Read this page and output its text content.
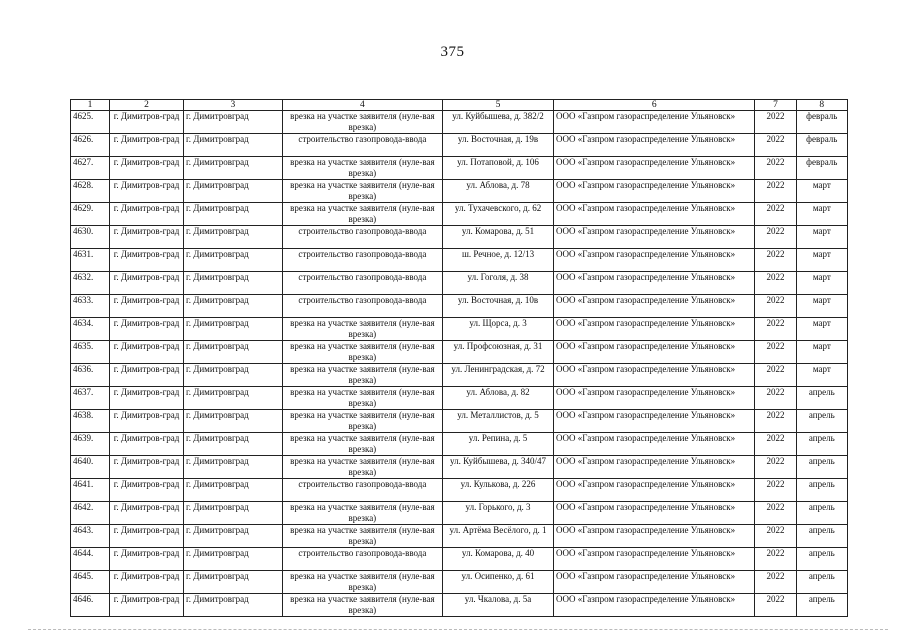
375
1	2	3	4	5	6	7	8
4625.	г. Димитров-град	г. Димитровград	врезка на участке заявителя (нуле-вая врезка)	ул. Куйбышева, д. 382/2	ООО «Газпром газораспределение Ульяновск»	2022	февраль
4626.	г. Димитров-град	г. Димитровград	строительство газопровода-ввода	ул. Восточная, д. 19в	ООО «Газпром газораспределение Ульяновск»	2022	февраль
4627.	г. Димитров-град	г. Димитровград	врезка на участке заявителя (нуле-вая врезка)	ул. Потаповой, д. 106	ООО «Газпром газораспределение Ульяновск»	2022	февраль
4628.	г. Димитров-град	г. Димитровград	врезка на участке заявителя (нуле-вая врезка)	ул. Аблова, д. 78	ООО «Газпром газораспределение Ульяновск»	2022	март
4629.	г. Димитров-град	г. Димитровград	врезка на участке заявителя (нуле-вая врезка)	ул. Тухачевского, д. 62	ООО «Газпром газораспределение Ульяновск»	2022	март
4630.	г. Димитров-град	г. Димитровград	строительство газопровода-ввода	ул. Комарова, д. 51	ООО «Газпром газораспределение Ульяновск»	2022	март
4631.	г. Димитров-град	г. Димитровград	строительство газопровода-ввода	ш. Речное, д. 12/13	ООО «Газпром газораспределение Ульяновск»	2022	март
4632.	г. Димитров-град	г. Димитровград	строительство газопровода-ввода	ул. Гоголя, д. 38	ООО «Газпром газораспределение Ульяновск»	2022	март
4633.	г. Димитров-град	г. Димитровград	строительство газопровода-ввода	ул. Восточная, д. 10в	ООО «Газпром газораспределение Ульяновск»	2022	март
4634.	г. Димитров-град	г. Димитровград	врезка на участке заявителя (нуле-вая врезка)	ул. Щорса, д. 3	ООО «Газпром газораспределение Ульяновск»	2022	март
4635.	г. Димитров-град	г. Димитровград	врезка на участке заявителя (нуле-вая врезка)	ул. Профсоюзная, д. 31	ООО «Газпром газораспределение Ульяновск»	2022	март
4636.	г. Димитров-град	г. Димитровград	врезка на участке заявителя (нуле-вая врезка)	ул. Ленинградская, д. 72	ООО «Газпром газораспределение Ульяновск»	2022	март
4637.	г. Димитров-град	г. Димитровград	врезка на участке заявителя (нуле-вая врезка)	ул. Аблова, д. 82	ООО «Газпром газораспределение Ульяновск»	2022	апрель
4638.	г. Димитров-град	г. Димитровград	врезка на участке заявителя (нуле-вая врезка)	ул. Металлистов, д. 5	ООО «Газпром газораспределение Ульяновск»	2022	апрель
4639.	г. Димитров-град	г. Димитровград	врезка на участке заявителя (нуле-вая врезка)	ул. Репина, д. 5	ООО «Газпром газораспределение Ульяновск»	2022	апрель
4640.	г. Димитров-град	г. Димитровград	врезка на участке заявителя (нуле-вая врезка)	ул. Куйбышева, д. 340/47	ООО «Газпром газораспределение Ульяновск»	2022	апрель
4641.	г. Димитров-град	г. Димитровград	строительство газопровода-ввода	ул. Кулькова, д. 226	ООО «Газпром газораспределение Ульяновск»	2022	апрель
4642.	г. Димитров-град	г. Димитровград	врезка на участке заявителя (нуле-вая врезка)	ул. Горького, д. 3	ООО «Газпром газораспределение Ульяновск»	2022	апрель
4643.	г. Димитров-град	г. Димитровград	врезка на участке заявителя (нуле-вая врезка)	ул. Артёма Весёлого, д. 1	ООО «Газпром газораспределение Ульяновск»	2022	апрель
4644.	г. Димитров-град	г. Димитровград	строительство газопровода-ввода	ул. Комарова, д. 40	ООО «Газпром газораспределение Ульяновск»	2022	апрель
4645.	г. Димитров-град	г. Димитровград	врезка на участке заявителя (нуле-вая врезка)	ул. Осипенко, д. 61	ООО «Газпром газораспределение Ульяновск»	2022	апрель
4646.	г. Димитров-град	г. Димитровград	врезка на участке заявителя (нуле-вая врезка)	ул. Чкалова, д. 5а	ООО «Газпром газораспределение Ульяновск»	2022	апрель
